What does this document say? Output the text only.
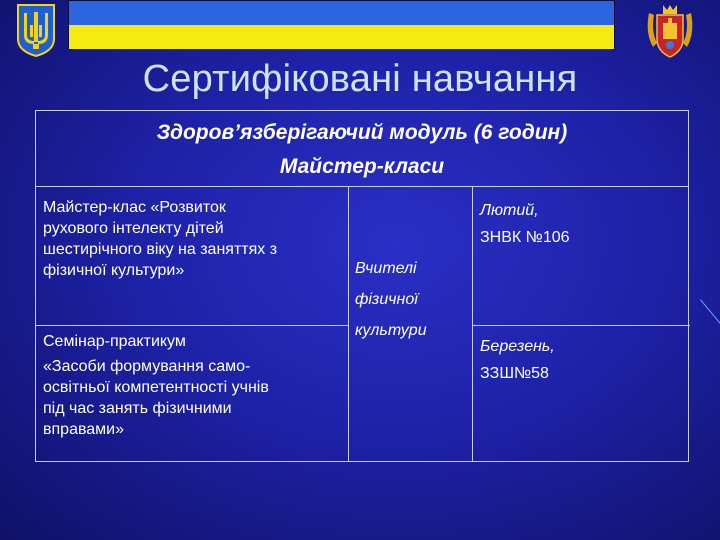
Сертифіковані навчання
Здоров’язберігаючий модуль (6 годин)
Майстер-класи
Майстер-клас «Розвиток
рухового інтелекту дітей
шестирічного віку на заняттях з
фізичної культури»	Вчителі
фізичної
культури
Лютий,
ЗНВК №106
Семінар-практикум
«Засоби формування само-
освітньої компетентності учнів
під час занять фізичними
вправами»
Березень,
ЗЗШ№58
